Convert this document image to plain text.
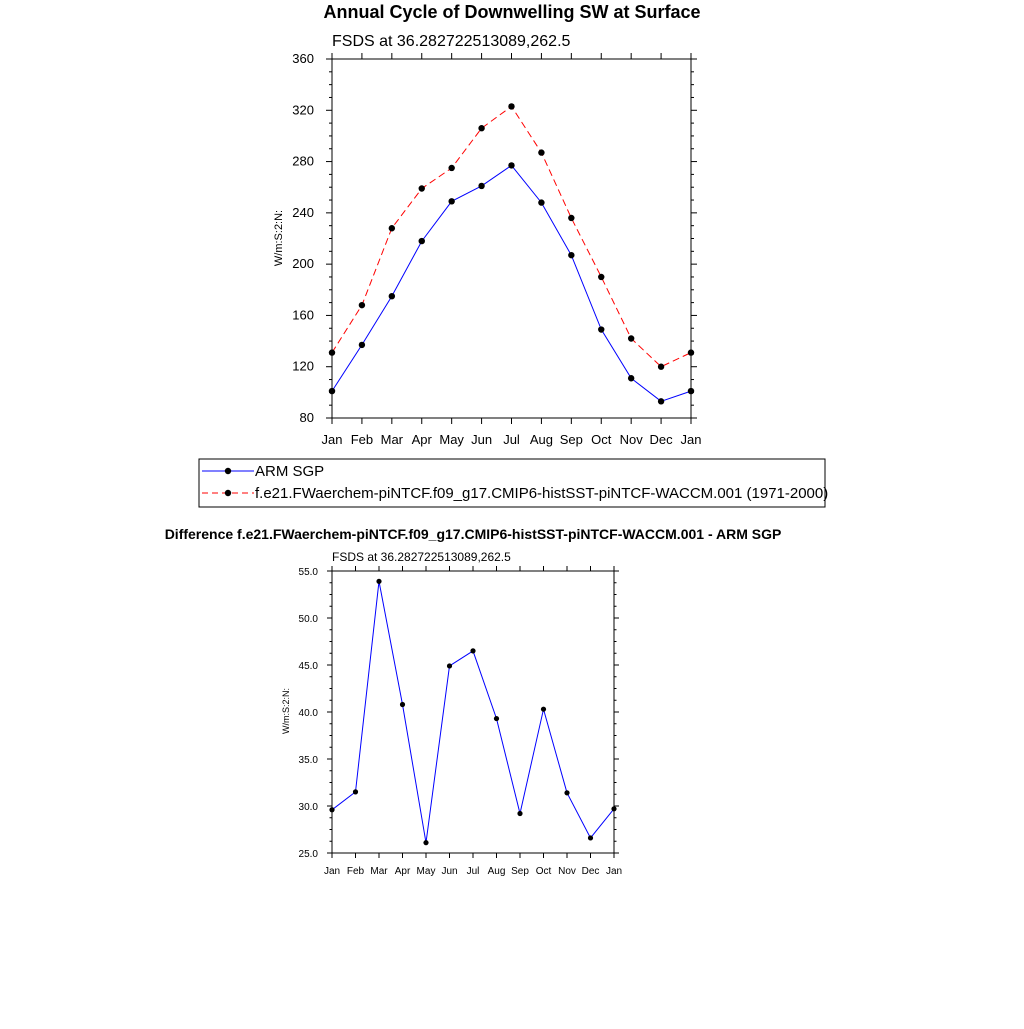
Annual Cycle of Downwelling SW at Surface
FSDS at 36.282722513089,262.5
W/m:S:2:N:
Jan Feb Mar Apr May Jun Jul Aug Sep Oct Nov Dec Jan
80
120
160
200
240
280
320
360
ARM SGP
f.e21.FWaerchem-piNTCF.f09_g17.CMIP6-histSST-piNTCF-WACCM.001 (1971-2000)
Difference f.e21.FWaerchem-piNTCF.f09_g17.CMIP6-histSST-piNTCF-WACCM.001 - ARM SGP
FSDS at 36.282722513089,262.5
W/m:S:2:N:
Jan Feb Mar Apr May Jun Jul Aug Sep Oct Nov Dec Jan
25.0
30.0
35.0
40.0
45.0
50.0
55.0
